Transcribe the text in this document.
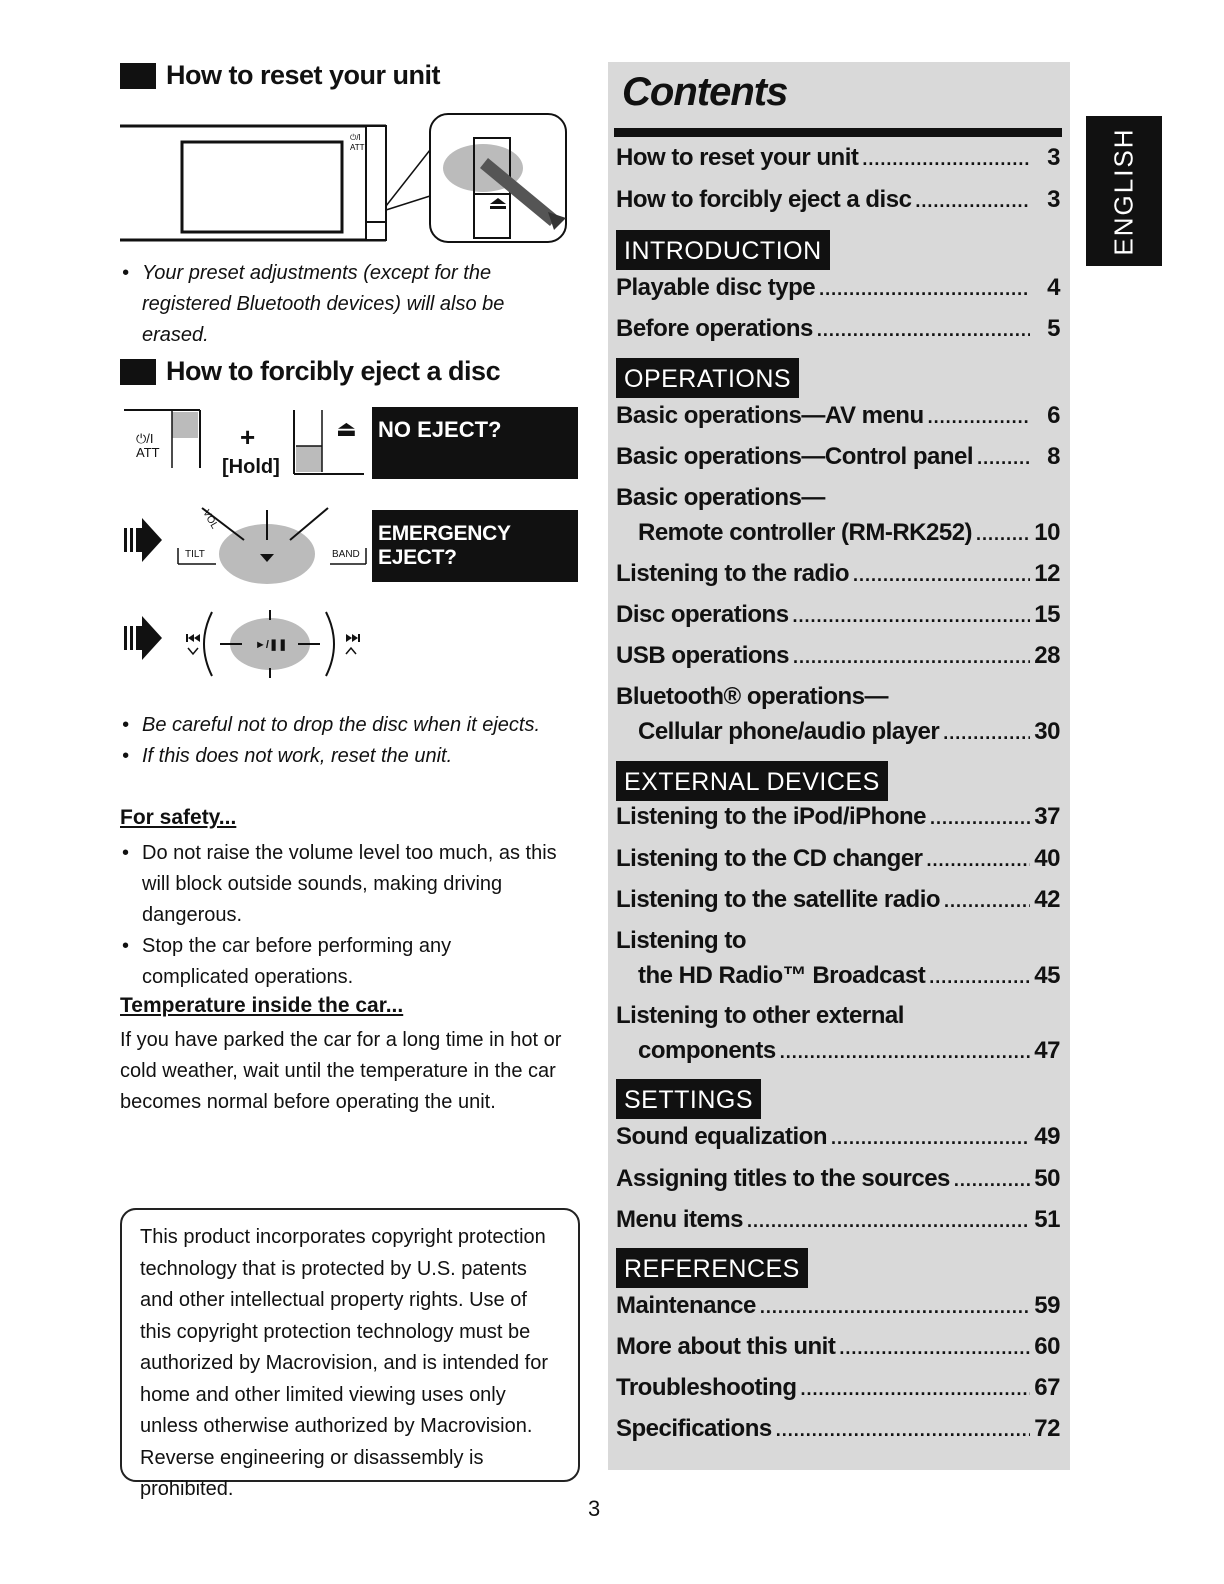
How to reset your unit
⏻/I
ATT
• Your preset adjustments (except for the registered Bluetooth devices) will also be erased.
How to forcibly eject a disc
⏻/I
ATT
+
[Hold]
⏏ NO EJECT?
TILT	BAND
VOL
EMERGENCY EJECT?
►/❚❚
• Be careful not to drop the disc when it ejects.
• If this does not work, reset the unit.
For safety...
• Do not raise the volume level too much, as this will block outside sounds, making driving dangerous.
• Stop the car before performing any complicated operations.
Temperature inside the car...
If you have parked the car for a long time in hot or cold weather, wait until the temperature in the car becomes normal before operating the unit.
This product incorporates copyright protection technology that is protected by U.S. patents and other intellectual property rights. Use of this copyright protection technology must be authorized by Macrovision, and is intended for home and other limited viewing uses only unless otherwise authorized by Macrovision. Reverse engineering or disassembly is prohibited.
Contents
How to reset your unit .....	3
How to forcibly eject a disc .....	3
INTRODUCTION
Playable disc type .....	4
Before operations .....	5
OPERATIONS
Basic operations—AV menu .....	6
Basic operations—Control panel .....	8
Basic operations—
Remote controller (RM-RK252) .....	10
Listening to the radio .....	12
Disc operations .....	15
USB operations .....	28
Bluetooth® operations—
Cellular phone/audio player .....	30
EXTERNAL DEVICES
Listening to the iPod/iPhone .....	37
Listening to the CD changer .....	40
Listening to the satellite radio .....	42
Listening to
the HD Radio™ Broadcast .....	45
Listening to other external
components .....	47
SETTINGS
Sound equalization .....	49
Assigning titles to the sources .....	50
Menu items .....	51
REFERENCES
Maintenance .....	59
More about this unit .....	60
Troubleshooting .....	67
Specifications .....	72
ENGLISH
3
